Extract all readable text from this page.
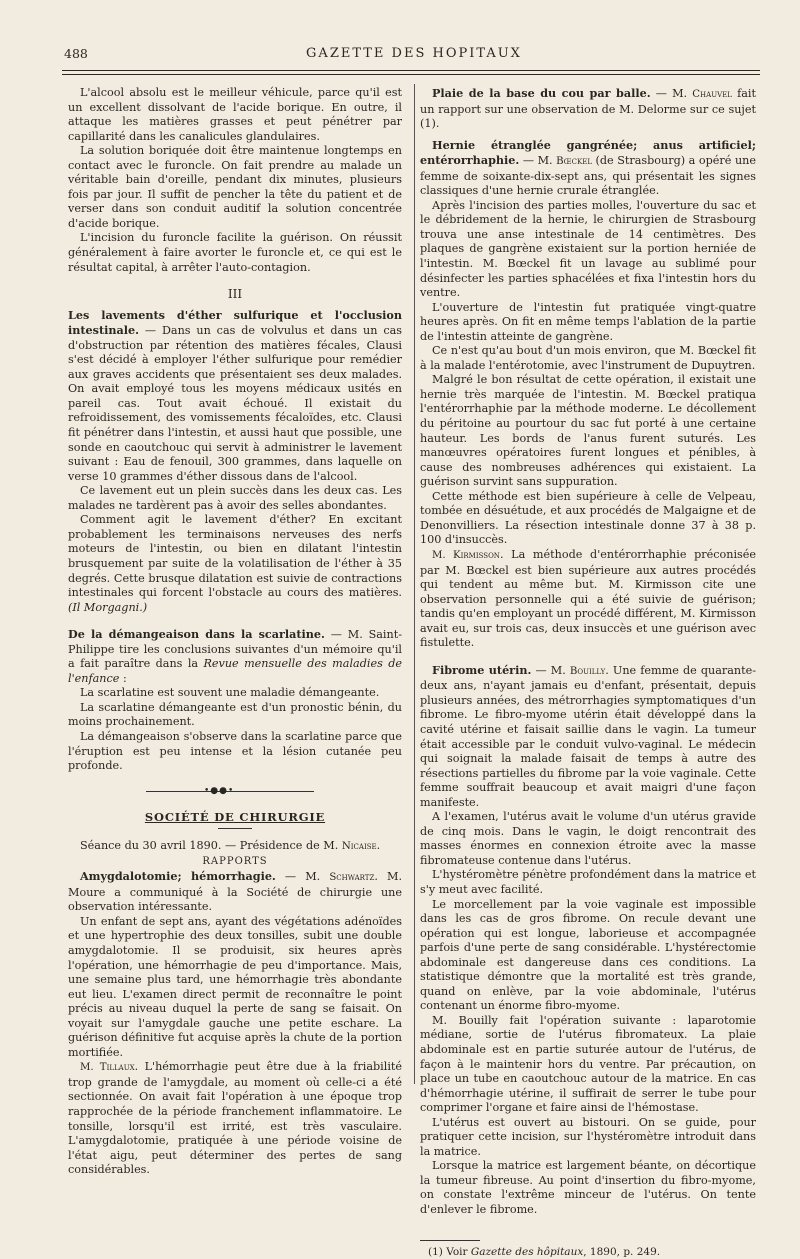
488	GAZETTE DES HOPITAUX

L'alcool absolu est le meilleur véhicule, parce qu'il est un excellent dissolvant de l'acide borique. En outre, il attaque les matières grasses et peut pénétrer par capillarité dans les canalicules glandulaires.

La solution boriquée doit être maintenue longtemps en contact avec le furoncle. On fait prendre au malade un véritable bain d'oreille, pendant dix minutes, plusieurs fois par jour. Il suffit de pencher la tête du patient et de verser dans son conduit auditif la solution concentrée d'acide borique.

L'incision du furoncle facilite la guérison. On réussit généralement à faire avorter le furoncle et, ce qui est le résultat capital, à arrêter l'auto-contagion.

III

Les lavements d'éther sulfurique et l'occlusion intestinale. — Dans un cas de volvulus et dans un cas d'obstruction par rétention des matières fécales, Clausi s'est décidé à employer l'éther sulfurique pour remédier aux graves accidents que présentaient ses deux malades. On avait employé tous les moyens médicaux usités en pareil cas. Tout avait échoué. Il existait du refroidissement, des vomissements fécaloïdes, etc. Clausi fit pénétrer dans l'intestin, et aussi haut que possible, une sonde en caoutchouc qui servit à administrer le lavement suivant : Eau de fenouil, 300 grammes, dans laquelle on verse 10 grammes d'éther dissous dans de l'alcool.

Ce lavement eut un plein succès dans les deux cas. Les malades ne tardèrent pas à avoir des selles abondantes.

Comment agit le lavement d'éther? En excitant probablement les terminaisons nerveuses des nerfs moteurs de l'intestin, ou bien en dilatant l'intestin brusquement par suite de la volatilisation de l'éther à 35 degrés. Cette brusque dilatation est suivie de contractions intestinales qui forcent l'obstacle au cours des matières. (Il Morgagni.)

De la démangeaison dans la scarlatine. — M. Saint-Philippe tire les conclusions suivantes d'un mémoire qu'il a fait paraître dans la Revue mensuelle des maladies de l'enfance :

La scarlatine est souvent une maladie démangeante.

La scarlatine démangeante est d'un pronostic bénin, du moins prochainement.

La démangeaison s'observe dans la scarlatine parce que l'éruption est peu intense et la lésion cutanée peu profonde.

•●●•
SOCIÉTÉ DE CHIRURGIE

Séance du 30 avril 1890. — Présidence de M. Nicaise.

RAPPORTS

Amygdalotomie; hémorrhagie. — M. Schwartz. M. Moure a communiqué à la Société de chirurgie une observation intéressante.

Un enfant de sept ans, ayant des végétations adénoïdes et une hypertrophie des deux tonsilles, subit une double amygdalotomie. Il se produisit, six heures après l'opération, une hémorrhagie de peu d'importance. Mais, une semaine plus tard, une hémorrhagie très abondante eut lieu. L'examen direct permit de reconnaître le point précis au niveau duquel la perte de sang se faisait. On voyait sur l'amygdale gauche une petite eschare. La guérison définitive fut acquise après la chute de la portion mortifiée.

M. Tillaux. L'hémorrhagie peut être due à la friabilité trop grande de l'amygdale, au moment où celle-ci a été sectionnée. On avait fait l'opération à une époque trop rapprochée de la période franchement inflammatoire. Le tonsille, lorsqu'il est irrité, est très vasculaire. L'amygdalotomie, pratiquée à une période voisine de l'état aigu, peut déterminer des pertes de sang considérables.

Plaie de la base du cou par balle. — M. Chauvel fait un rapport sur une observation de M. Delorme sur ce sujet (1).

Hernie étranglée gangrénée; anus artificiel; entérorrhaphie. — M. Bœckel (de Strasbourg) a opéré une femme de soixante-dix-sept ans, qui présentait les signes classiques d'une hernie crurale étranglée.

Après l'incision des parties molles, l'ouverture du sac et le débridement de la hernie, le chirurgien de Strasbourg trouva une anse intestinale de 14 centimètres. Des plaques de gangrène existaient sur la portion herniée de l'intestin. M. Bœckel fit un lavage au sublimé pour désinfecter les parties sphacélées et fixa l'intestin hors du ventre.

L'ouverture de l'intestin fut pratiquée vingt-quatre heures après. On fit en même temps l'ablation de la partie de l'intestin atteinte de gangrène.

Ce n'est qu'au bout d'un mois environ, que M. Bœckel fit à la malade l'entérotomie, avec l'instrument de Dupuytren.

Malgré le bon résultat de cette opération, il existait une hernie très marquée de l'intestin. M. Bœckel pratiqua l'entérorrhaphie par la méthode moderne. Le décollement du péritoine au pourtour du sac fut porté à une certaine hauteur. Les bords de l'anus furent suturés. Les manœuvres opératoires furent longues et pénibles, à cause des nombreuses adhérences qui existaient. La guérison survint sans suppuration.

Cette méthode est bien supérieure à celle de Velpeau, tombée en désuétude, et aux procédés de Malgaigne et de Denonvilliers. La résection intestinale donne 37 à 38 p. 100 d'insuccès.

M. Kirmisson. La méthode d'entérorrhaphie préconisée par M. Bœckel est bien supérieure aux autres procédés qui tendent au même but. M. Kirmisson cite une observation personnelle qui a été suivie de guérison; tandis qu'en employant un procédé différent, M. Kirmisson avait eu, sur trois cas, deux insuccès et une guérison avec fistulette.

Fibrome utérin. — M. Bouilly. Une femme de quarante-deux ans, n'ayant jamais eu d'enfant, présentait, depuis plusieurs années, des métrorrhagies symptomatiques d'un fibrome. Le fibro-myome utérin était développé dans la cavité utérine et faisait saillie dans le vagin. La tumeur était accessible par le conduit vulvo-vaginal. Le médecin qui soignait la malade faisait de temps à autre des résections partielles du fibrome par la voie vaginale. Cette femme souffrait beaucoup et avait maigri d'une façon manifeste.

A l'examen, l'utérus avait le volume d'un utérus gravide de cinq mois. Dans le vagin, le doigt rencontrait des masses énormes en connexion étroite avec la masse fibromateuse contenue dans l'utérus.

L'hystéromètre pénètre profondément dans la matrice et s'y meut avec facilité.

Le morcellement par la voie vaginale est impossible dans les cas de gros fibrome. On recule devant une opération qui est longue, laborieuse et accompagnée parfois d'une perte de sang considérable. L'hystérectomie abdominale est dangereuse dans ces conditions. La statistique démontre que la mortalité est très grande, quand on enlève, par la voie abdominale, l'utérus contenant un énorme fibro-myome.

M. Bouilly fait l'opération suivante : laparotomie médiane, sortie de l'utérus fibromateux. La plaie abdominale est en partie suturée autour de l'utérus, de façon à le maintenir hors du ventre. Par précaution, on place un tube en caoutchouc autour de la matrice. En cas d'hémorrhagie utérine, il suffirait de serrer le tube pour comprimer l'organe et faire ainsi de l'hémostase.

L'utérus est ouvert au bistouri. On se guide, pour pratiquer cette incision, sur l'hystéromètre introduit dans la matrice.

Lorsque la matrice est largement béante, on décortique la tumeur fibreuse. Au point d'insertion du fibro-myome, on constate l'extrême minceur de l'utérus. On tente d'enlever le fibrome.

(1) Voir Gazette des hôpitaux, 1890, p. 249.
